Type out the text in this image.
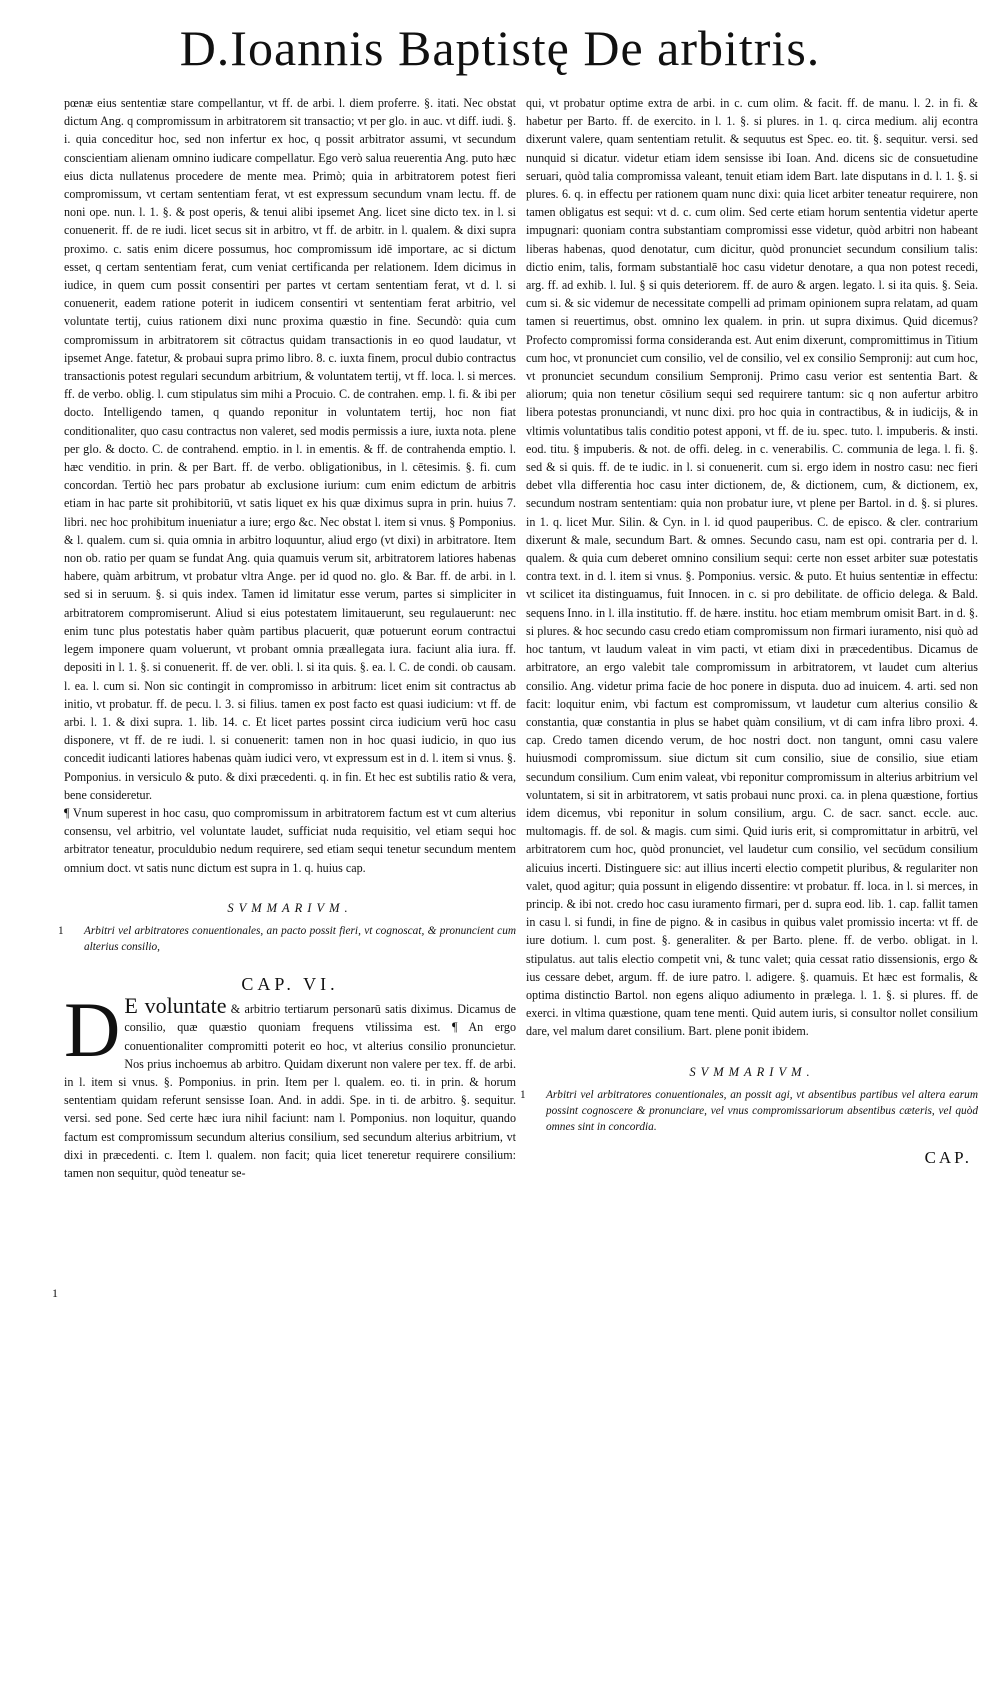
D.Ioannis Baptistę De arbitris.

pœnæ eius sententiæ stare compellantur, vt ff. de arbi. l. diem proferre. §. itati. Nec obstat dictum Ang. q compromissum in arbitratorem sit transactio; vt per glo. in auc. vt diff. iudi. §. i. quia conceditur hoc, sed non infertur ex hoc, q possit arbitrator assumi, vt secundum conscientiam alienam omnino iudicare compellatur. Ego verò salua reuerentia Ang. puto hæc eius dicta nullatenus procedere de mente mea. Primò; quia in arbitratorem potest fieri compromissum, vt certam sententiam ferat, vt est expressum secundum vnam lectu. ff. de noni ope. nun. l. 1. §. & post operis, & tenui alibi ipsemet Ang. licet sine dicto tex. in l. si conuenerit. ff. de re iudi. licet secus sit in arbitro, vt ff. de arbitr. in l. qualem. & dixi supra proximo. c. satis enim dicere possumus, hoc compromissum idē importare, ac si dictum esset, q certam sententiam ferat, cum veniat certificanda per relationem. Idem dicimus in iudice, in quem cum possit consentiri per partes vt certam sententiam ferat, vt d. l. si conuenerit, eadem ratione poterit in iudicem consentiri vt sententiam ferat arbitrio, vel voluntate tertij, cuius rationem dixi nunc proxima quæstio in fine. Secundò: quia cum compromissum in arbitratorem sit cōtractus quidam transactionis in eo quod laudatur, vt ipsemet Ange. fatetur, & probaui supra primo libro. 8. c. iuxta finem, procul dubio contractus transactionis potest regulari secundum arbitrium, & voluntatem tertij, vt ff. loca. l. si merces. ff. de verbo. oblig. l. cum stipulatus sim mihi a Procuio. C. de contrahen. emp. l. fi. & ibi per docto. Intelligendo tamen, q quando reponitur in voluntatem tertij, hoc non fiat conditionaliter, quo casu contractus non valeret, sed modis permissis a iure, iuxta nota. plene per glo. & docto. C. de contrahend. emptio. in l. in ementis. & ff. de contrahenda emptio. l. hæc venditio. in prin. & per Bart. ff. de verbo. obligationibus, in l. cētesimis. §. fi. cum concordan. Tertiò hec pars probatur ab exclusione iurium: cum enim edictum de arbitris etiam in hac parte sit prohibitoriū, vt satis liquet ex his quæ diximus supra in prin. huius 7. libri. nec hoc prohibitum inueniatur a iure; ergo &c. Nec obstat l. item si vnus. § Pomponius. & l. qualem. cum si. quia omnia in arbitro loquuntur, aliud ergo (vt dixi) in arbitratore. Item non ob. ratio per quam se fundat Ang. quia quamuis verum sit, arbitratorem latiores habenas habere, quàm arbitrum, vt probatur vltra Ange. per id quod no. glo. & Bar. ff. de arbi. in l. sed si in seruum. §. si quis index. Tamen id limitatur esse verum, partes si simpliciter in arbitratorem compromiserunt. Aliud si eius potestatem limitauerunt, seu regulauerunt: nec enim tunc plus potestatis haber quàm partibus placuerit, quæ potuerunt eorum contractui legem imponere quam voluerunt, vt probant omnia præallegata iura. faciunt alia iura. ff. depositi in l. 1. §. si conuenerit. ff. de ver. obli. l. si ita quis. §. ea. l. C. de condi. ob causam. l. ea. l. cum si. Non sic contingit in compromisso in arbitrum: licet enim sit contractus ab initio, vt probatur. ff. de pecu. l. 3. si filius. tamen ex post facto est quasi iudicium: vt ff. de arbi. l. 1. & dixi supra. 1. lib. 14. c. Et licet partes possint circa iudicium verū hoc casu disponere, vt ff. de re iudi. l. si conuenerit: tamen non in hoc quasi iudicio, in quo ius concedit iudicanti latiores habenas quàm iudici vero, vt expressum est in d. l. item si vnus. §. Pomponius. in versiculo & puto. & dixi præcedenti. q. in fin. Et hec est subtilis ratio & vera, bene consideretur.

¶ Vnum superest in hoc casu, quo compromissum in arbitratorem factum est vt cum alterius consensu, vel arbitrio, vel voluntate laudet, sufficiat nuda requisitio, vel etiam sequi hoc arbitrator teneatur, proculdubio nedum requirere, sed etiam sequi tenetur secundum mentem omnium doct. vt satis nunc dictum est supra in 1. q. huius cap.

SVMMARIVM.
1 Arbitri vel arbitratores conuentionales, an pacto possit fieri, vt cognoscat, & pronuncient cum alterius consilio,
CAP. VI.
D E voluntate & arbitrio tertiarum personarū satis diximus. Dicamus de consilio, quæ quæstio quoniam frequens vtilissima est. ¶ An ergo conuentionaliter compromitti poterit eo hoc, vt alterius consilio pronuncietur. Nos prius inchoemus ab arbitro. Quidam dixerunt non valere per tex. ff. de arbi. in l. item si vnus. §. Pomponius. in prin. Item per l. qualem. eo. ti. in prin. & horum sententiam quidam referunt sensisse Ioan. And. in addi. Spe. in ti. de arbitro. §. sequitur. versi. sed pone. Sed certe hæc iura nihil faciunt: nam l. Pomponius. non loquitur, quando factum est compromissum secundum alterius consilium, sed secundum alterius arbitrium, vt dixi in præcedenti. c. Item l. qualem. non facit; quia licet teneretur requirere consilium: tamen non sequitur, quòd teneatur se-

qui, vt probatur optime extra de arbi. in c. cum olim. & facit. ff. de manu. l. 2. in fi. & habetur per Barto. ff. de exercito. in l. 1. §. si plures. in 1. q. circa medium. alij econtra dixerunt valere, quam sententiam retulit. & sequutus est Spec. eo. tit. §. sequitur. versi. sed nunquid si dicatur. videtur etiam idem sensisse ibi Ioan. And. dicens sic de consuetudine seruari, quòd talia compromissa valeant, tenuit etiam idem Bart. late disputans in d. l. 1. §. si plures. 6. q. in effectu per rationem quam nunc dixi: quia licet arbiter teneatur requirere, non tamen obligatus est sequi: vt d. c. cum olim. Sed certe etiam horum sententia videtur aperte impugnari: quoniam contra substantiam compromissi esse videtur, quòd arbitri non habeant liberas habenas, quod denotatur, cum dicitur, quòd pronunciet secundum consilium talis: dictio enim, talis, formam substantialē hoc casu videtur denotare, a qua non potest recedi, arg. ff. ad exhib. l. Iul. § si quis deteriorem. ff. de auro & argen. legato. l. si ita quis. §. Seia. cum si. & sic videmur de necessitate compelli ad primam opinionem supra relatam, ad quam tamen si reuertimus, obst. omnino lex qualem. in prin. ut supra diximus. Quid dicemus? Profecto compromissi forma consideranda est. Aut enim dixerunt, compromittimus in Titium cum hoc, vt pronunciet cum consilio, vel de consilio, vel ex consilio Sempronij: aut cum hoc, vt pronunciet secundum consilium Sempronij. Primo casu verior est sententia Bart. & aliorum; quia non tenetur cōsilium sequi sed requirere tantum: sic q non aufertur arbitro libera potestas pronunciandi, vt nunc dixi. pro hoc quia in contractibus, & in iudicijs, & in vltimis voluntatibus talis conditio potest apponi, vt ff. de iu. spec. tuto. l. impuberis. & insti. eod. titu. § impuberis. & not. de offi. deleg. in c. venerabilis. C. communia de lega. l. fi. §. sed & si quis. ff. de te iudic. in l. si conuenerit. cum si. ergo idem in nostro casu: nec fieri debet vlla differentia hoc casu inter dictionem, de, & dictionem, cum, & dictionem, ex, secundum nostram sententiam: quia non probatur iure, vt plene per Bartol. in d. §. si plures. in 1. q. licet Mur. Silin. & Cyn. in l. id quod pauperibus. C. de episco. & cler. contrarium dixerunt & male, secundum Bart. & omnes. Secundo casu, nam est opi. contraria per d. l. qualem. & quia cum deberet omnino consilium sequi: certe non esset arbiter suæ potestatis contra text. in d. l. item si vnus. §. Pomponius. versic. & puto. Et huius sententiæ in effectu: vt scilicet ita distinguamus, fuit Innocen. in c. si pro debilitate. de officio delega. & Bald. sequens Inno. in l. illa institutio. ff. de hære. institu. hoc etiam membrum omisit Bart. in d. §. si plures. & hoc secundo casu credo etiam compromissum non firmari iuramento, nisi quò ad hoc tantum, vt laudum valeat in vim pacti, vt etiam dixi in præcedentibus. Dicamus de arbitratore, an ergo valebit tale compromissum in arbitratorem, vt laudet cum alterius consilio. Ang. videtur prima facie de hoc ponere in disputa. duo ad inuicem. 4. arti. sed non facit: loquitur enim, vbi factum est compromissum, vt laudetur cum alterius consilio & constantia, quæ constantia in plus se habet quàm consilium, vt di cam infra libro proxi. 4. cap. Credo tamen dicendo verum, de hoc nostri doct. non tangunt, omni casu valere huiusmodi compromissum. siue dictum sit cum consilio, siue de consilio, siue etiam secundum consilium. Cum enim valeat, vbi reponitur compromissum in alterius arbitrium vel voluntatem, si sit in arbitratorem, vt satis probaui nunc proxi. ca. in plena quæstione, fortius idem dicemus, vbi reponitur in solum consilium, argu. C. de sacr. sanct. eccle. auc. multomagis. ff. de sol. & magis. cum simi. Quid iuris erit, si compromittatur in arbitrū, vel arbitratorem cum hoc, quòd pronunciet, vel laudetur cum consilio, vel secūdum consilium alicuius incerti. Distinguere sic: aut illius incerti electio competit pluribus, & regulariter non valet, quod agitur; quia possunt in eligendo dissentire: vt probatur. ff. loca. in l. si merces, in princip. & ibi not. credo hoc casu iuramento firmari, per d. supra eod. lib. 1. cap. fallit tamen in casu l. si fundi, in fine de pigno. & in casibus in quibus valet promissio incerta: vt ff. de iure dotium. l. cum post. §. generaliter. & per Barto. plene. ff. de verbo. obligat. in l. stipulatus. aut talis electio competit vni, & tunc valet; quia cessat ratio dissensionis, ergo & ius cessare debet, argum. ff. de iure patro. l. adigere. §. quamuis. Et hæc est formalis, & optima distinctio Bartol. non egens aliquo adiumento in prælega. l. 1. §. si plures. ff. de exerci. in vltima quæstione, quam tene menti. Quid autem iuris, si consultor nollet consilium dare, vel malum daret consilium. Bart. plene ponit ibidem.

SVMMARIVM.
1 Arbitri vel arbitratores conuentionales, an possit agi, vt absentibus partibus vel altera earum possint cognoscere & pronunciare, vel vnus compromissariorum absentibus cæteris, vel quòd omnes sint in concordia.
CAP.
1
